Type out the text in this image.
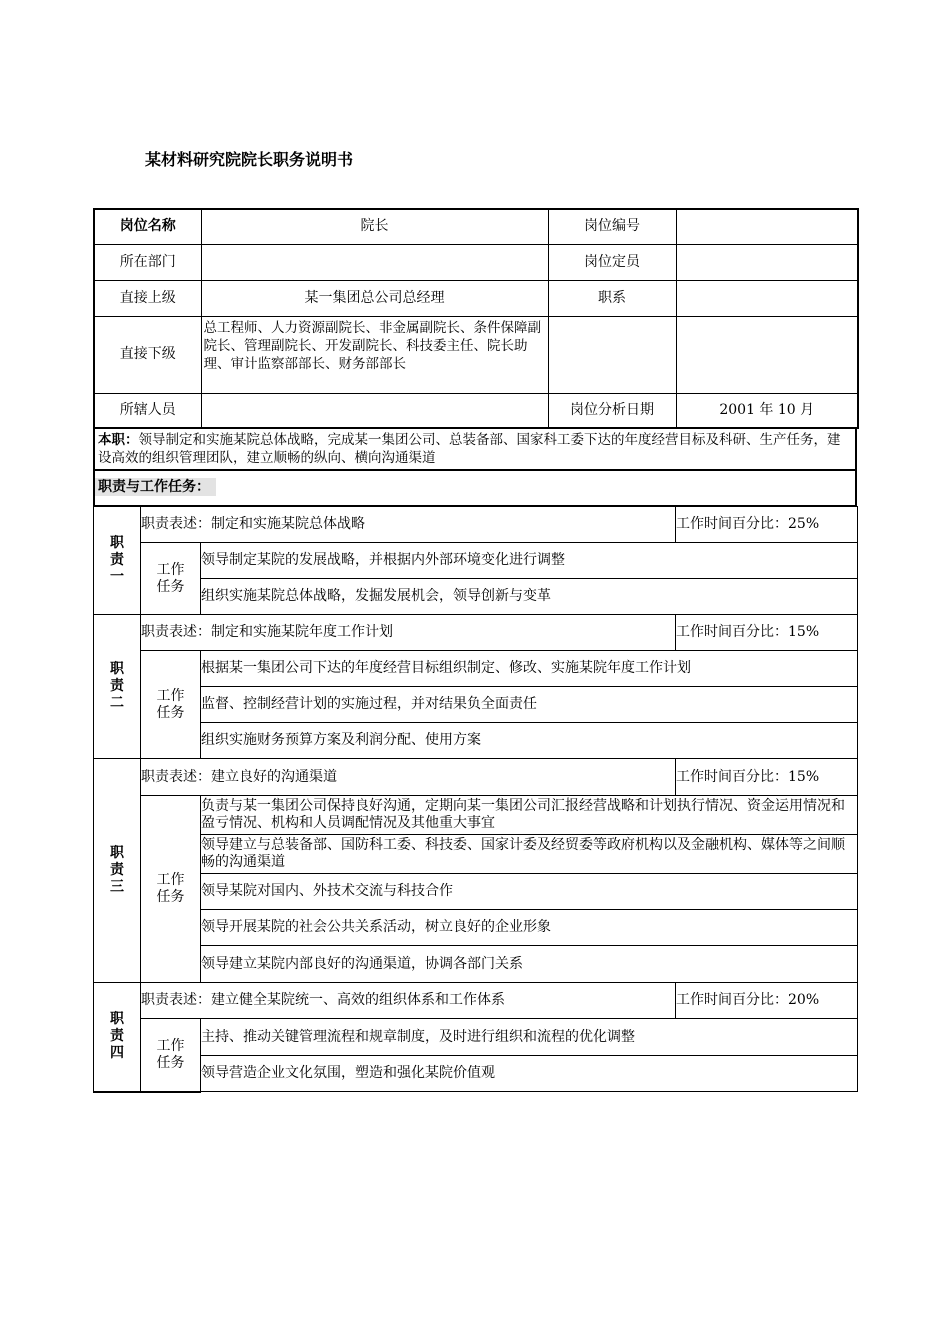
某材料研究院院长职务说明书
岗位名称	院长	岗位编号	
所在部门		岗位定员	
直接上级	某一集团总公司总经理	职系	
直接下级	总工程师、人力资源副院长、非金属副院长、条件保障副院长、管理副院长、开发副院长、科技委主任、院长助理、审计监察部部长、财务部部长		
所辖人员		岗位分析日期	2001 年 10 月
本职：领导制定和实施某院总体战略，完成某一集团公司、总装备部、国家科工委下达的年度经营目标及科研、生产任务，建设高效的组织管理团队，建立顺畅的纵向、横向沟通渠道
职责与工作任务：
职责一	职责表述：制定和实施某院总体战略		工作时间百分比：25%
	工作任务	领导制定某院的发展战略，并根据内外部环境变化进行调整	
		组织实施某院总体战略，发掘发展机会，领导创新与变革	
职责二	职责表述：制定和实施某院年度工作计划		工作时间百分比：15%
	工作任务	根据某一集团公司下达的年度经营目标组织制定、修改、实施某院年度工作计划	
		监督、控制经营计划的实施过程，并对结果负全面责任	
		组织实施财务预算方案及利润分配、使用方案	
职责三	职责表述：建立良好的沟通渠道		工作时间百分比：15%
	工作任务	负责与某一集团公司保持良好沟通，定期向某一集团公司汇报经营战略和计划执行情况、资金运用情况和盈亏情况、机构和人员调配情况及其他重大事宜	
		领导建立与总装备部、国防科工委、科技委、国家计委及经贸委等政府机构以及金融机构、媒体等之间顺畅的沟通渠道	
		领导某院对国内、外技术交流与科技合作	
		领导开展某院的社会公共关系活动，树立良好的企业形象	
		领导建立某院内部良好的沟通渠道，协调各部门关系	
职责四	职责表述：建立健全某院统一、高效的组织体系和工作体系		工作时间百分比：20%
	工作任务	主持、推动关键管理流程和规章制度，及时进行组织和流程的优化调整	
		领导营造企业文化氛围，塑造和强化某院价值观	
